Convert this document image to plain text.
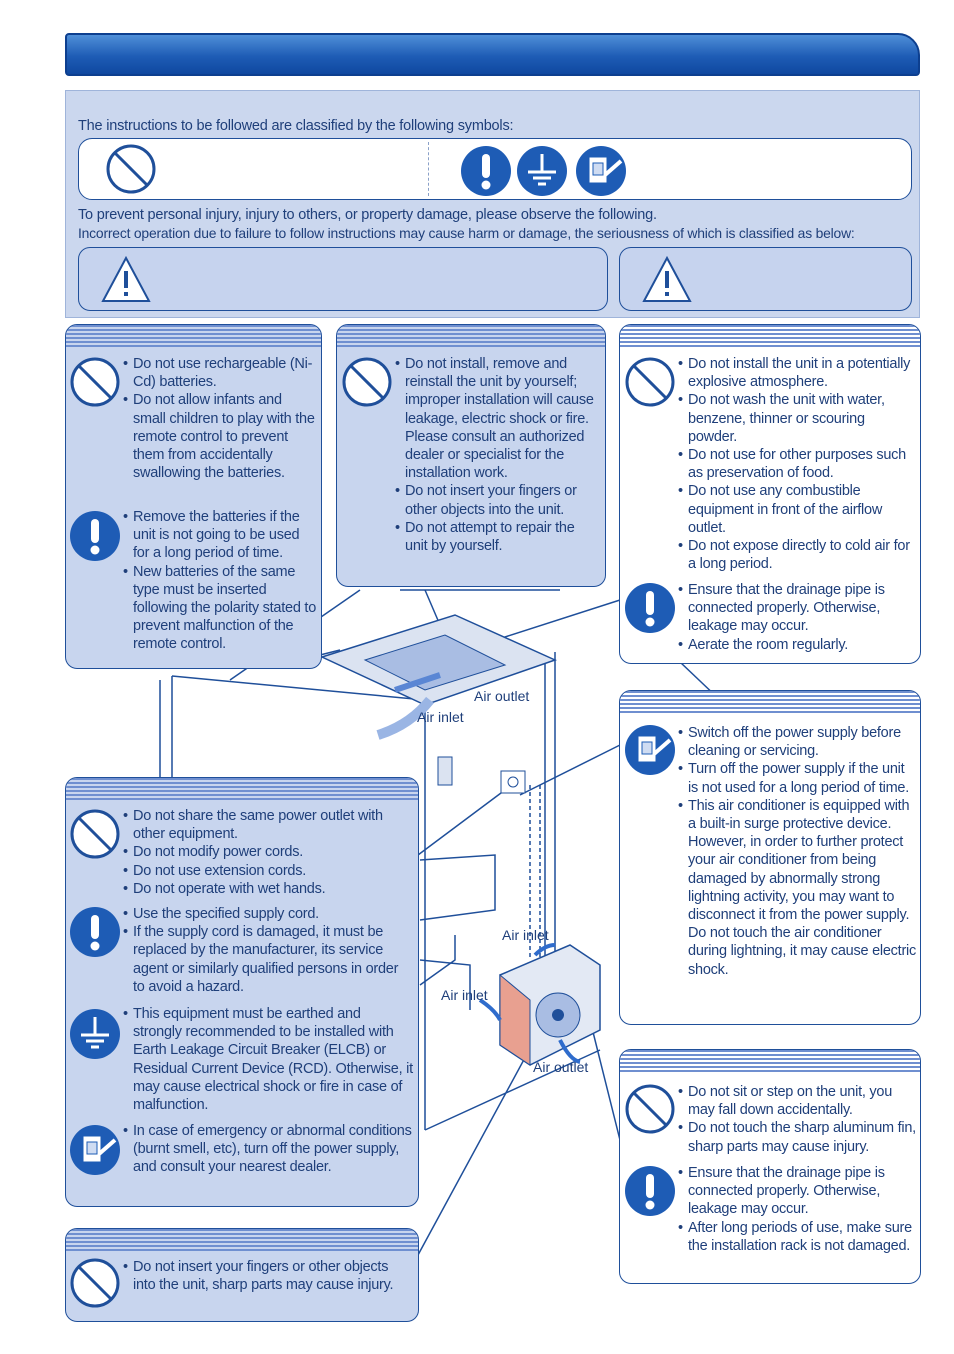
The instructions to be followed are classified by the following symbols:
To prevent personal injury, injury to others, or property damage, please observe the following.
Incorrect operation due to failure to follow instructions may cause harm or damage, the seriousness of which is classified as below:
Air outlet
Air inlet
Air inlet
Air inlet
Air outlet
• Do not use rechargeable (Ni-Cd) batteries.
• Do not allow infants and small children to play with the remote control to prevent them from accidentally swallowing the batteries.
• Remove the batteries if the unit is not going to be used for a long period of time.
• New batteries of the same type must be inserted following the polarity stated to prevent malfunction of the remote control.
• Do not install, remove and reinstall the unit by yourself; improper installation will cause leakage, electric shock or fire. Please consult an authorized dealer or specialist for the installation work.
• Do not insert your fingers or other objects into the unit.
• Do not attempt to repair the unit by yourself.
• Do not install the unit in a potentially explosive atmosphere.
• Do not wash the unit with water, benzene, thinner or scouring powder.
• Do not use for other purposes such as preservation of food.
• Do not use any combustible equipment in front of the airflow outlet.
• Do not expose directly to cold air for a long period.
• Ensure that the drainage pipe is connected properly. Otherwise, leakage may occur.
• Aerate the room regularly.
• Switch off the power supply before cleaning or servicing.
• Turn off the power supply if the unit is not used for a long period of time.
• This air conditioner is equipped with a built-in surge protective device. However, in order to further protect your air conditioner from being damaged by abnormally strong lightning activity, you may want to disconnect it from the power supply. Do not touch the air conditioner during lightning, it may cause electric shock.
• Do not share the same power outlet with other equipment.
• Do not modify power cords.
• Do not use extension cords.
• Do not operate with wet hands.
• Use the specified supply cord.
• If the supply cord is damaged, it must be replaced by the manufacturer, its service agent or similarly qualified persons in order to avoid a hazard.
• This equipment must be earthed and strongly recommended to be installed with Earth Leakage Circuit Breaker (ELCB) or Residual Current Device (RCD). Otherwise, it may cause electrical shock or fire in case of malfunction.
• In case of emergency or abnormal conditions (burnt smell, etc), turn off the power supply, and consult your nearest dealer.
• Do not insert your fingers or other objects into the unit, sharp parts may cause injury.
• Do not sit or step on the unit, you may fall down accidentally.
• Do not touch the sharp aluminum fin, sharp parts may cause injury.
• Ensure that the drainage pipe is connected properly. Otherwise, leakage may occur.
• After long periods of use, make sure the installation rack is not damaged.
